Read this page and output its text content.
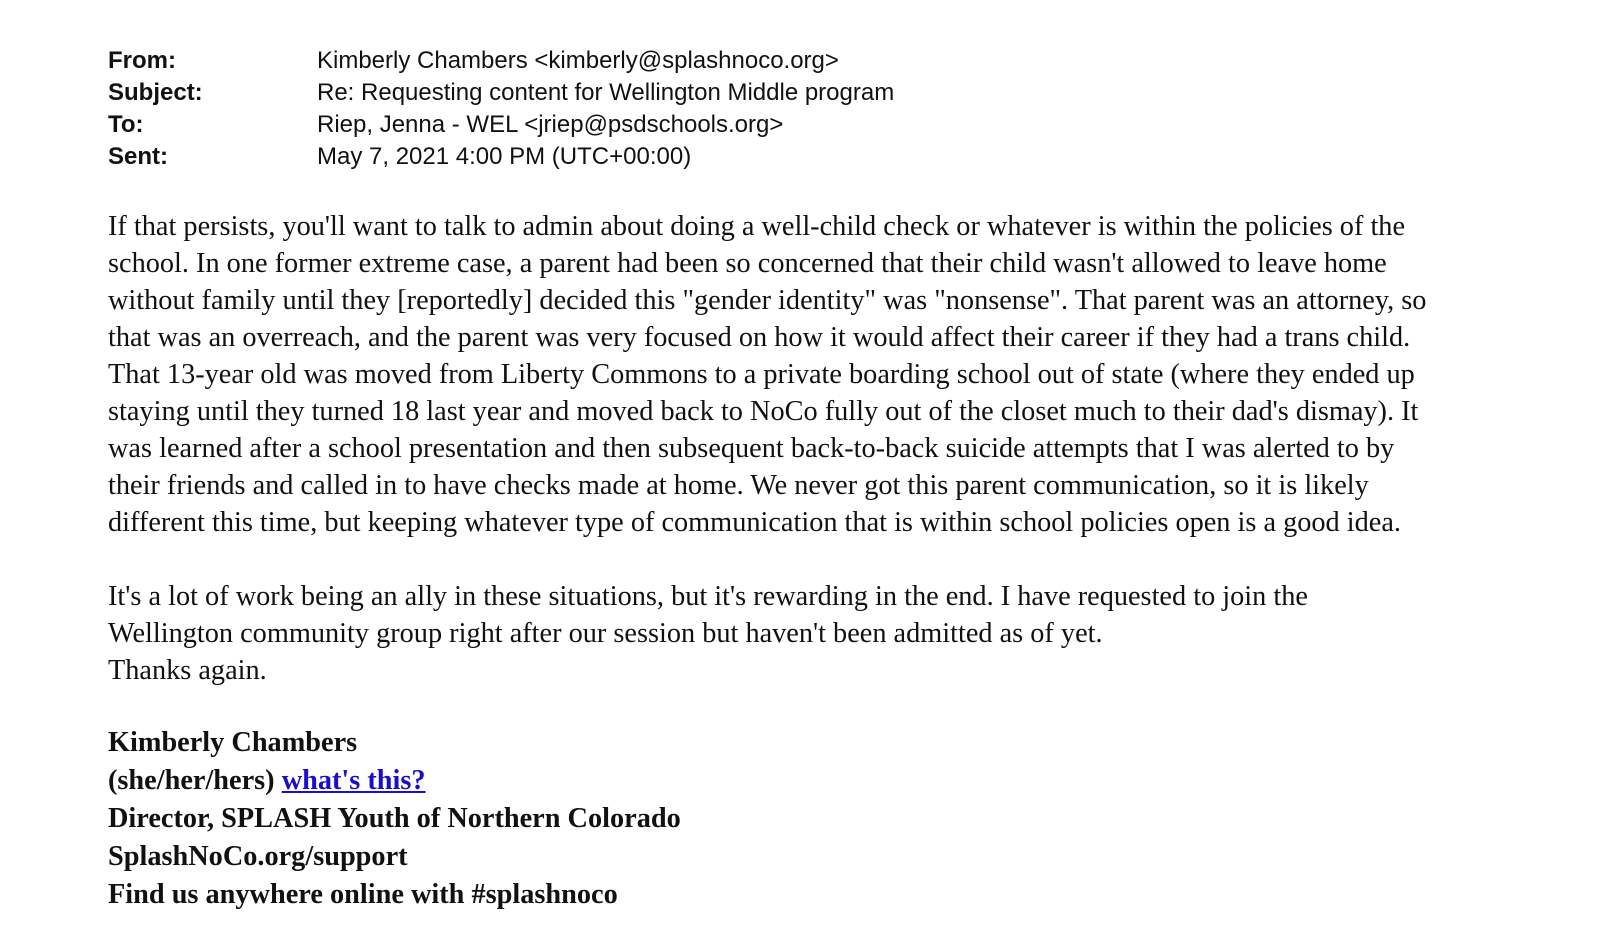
From:	Kimberly Chambers <kimberly@splashnoco.org>
Subject:	Re: Requesting content for Wellington Middle program
To:	Riep, Jenna - WEL <jriep@psdschools.org>
Sent:	May 7, 2021 4:00 PM (UTC+00:00)
If that persists, you'll want to talk to admin about doing a well-child check or whatever is within the policies of the
school. In one former extreme case, a parent had been so concerned that their child wasn't allowed to leave home
without family until they [reportedly] decided this "gender identity" was "nonsense". That parent was an attorney, so
that was an overreach, and the parent was very focused on how it would affect their career if they had a trans child.
That 13-year old was moved from Liberty Commons to a private boarding school out of state (where they ended up
staying until they turned 18 last year and moved back to NoCo fully out of the closet much to their dad's dismay). It
was learned after a school presentation and then subsequent back-to-back suicide attempts that I was alerted to by
their friends and called in to have checks made at home. We never got this parent communication, so it is likely
different this time, but keeping whatever type of communication that is within school policies open is a good idea.
It's a lot of work being an ally in these situations, but it's rewarding in the end. I have requested to join the
Wellington community group right after our session but haven't been admitted as of yet.
Thanks again.
Kimberly Chambers
(she/her/hers) what's this?
Director, SPLASH Youth of Northern Colorado
SplashNoCo.org/support
Find us anywhere online with #splashnoco
